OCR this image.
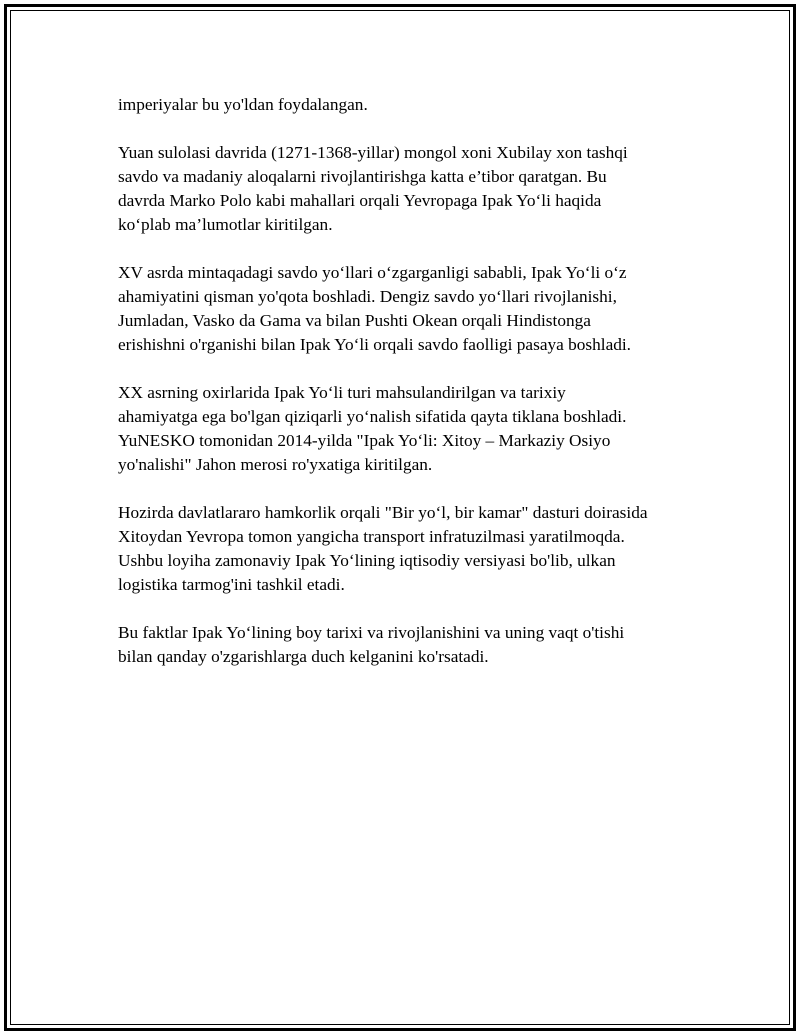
imperiyalar bu yo'ldan foydalangan.

Yuan sulolasi davrida (1271-1368-yillar) mongol xoni Xubilay xon tashqi
savdo va madaniy aloqalarni rivojlantirishga katta e’tibor qaratgan. Bu
davrda Marko Polo kabi mahallari orqali Yevropaga Ipak Yo‘li haqida
ko‘plab ma’lumotlar kiritilgan.

XV asrda mintaqadagi savdo yo‘llari o‘zgarganligi sababli, Ipak Yo‘li o‘z
ahamiyatini qisman yo'qota boshladi. Dengiz savdo yo‘llari rivojlanishi,
Jumladan, Vasko da Gama va bilan Pushti Okean orqali Hindistonga
erishishni o'rganishi bilan Ipak Yo‘li orqali savdo faolligi pasaya boshladi.

XX asrning oxirlarida Ipak Yo‘li turi mahsulandirilgan va tarixiy
ahamiyatga ega bo'lgan qiziqarli yo‘nalish sifatida qayta tiklana boshladi.
YuNESKO tomonidan 2014-yilda "Ipak Yo‘li: Xitoy – Markaziy Osiyo
yo'nalishi" Jahon merosi ro'yxatiga kiritilgan.

Hozirda davlatlararo hamkorlik orqali "Bir yo‘l, bir kamar" dasturi doirasida
Xitoydan Yevropa tomon yangicha transport infratuzilmasi yaratilmoqda.
Ushbu loyiha zamonaviy Ipak Yo‘lining iqtisodiy versiyasi bo'lib, ulkan
logistika tarmog'ini tashkil etadi.

Bu faktlar Ipak Yo‘lining boy tarixi va rivojlanishini va uning vaqt o'tishi
bilan qanday o'zgarishlarga duch kelganini ko'rsatadi.
